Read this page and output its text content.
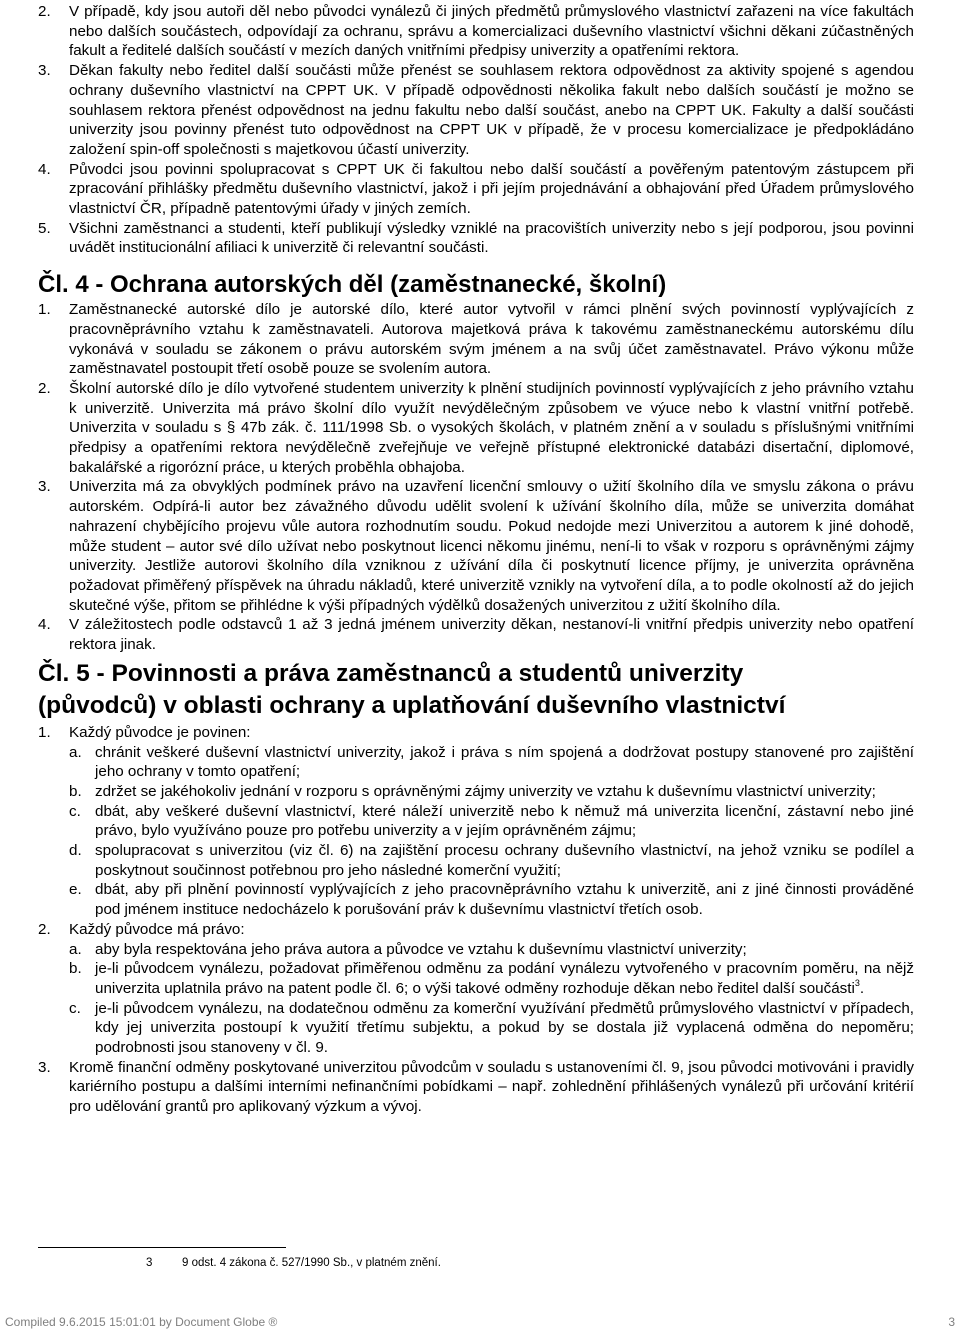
2.	V případě, kdy jsou autoři děl nebo původci vynálezů či jiných předmětů průmyslového vlastnictví zařazeni na více fakultách nebo dalších součástech, odpovídají za ochranu, správu a komercializaci duševního vlastnictví všichni děkani zúčastněných fakult a ředitelé dalších součástí v mezích daných vnitřními předpisy univerzity a opatřeními rektora.
3.	Děkan fakulty nebo ředitel další součásti může přenést se souhlasem rektora odpovědnost za aktivity spojené s agendou ochrany duševního vlastnictví na CPPT UK. V případě odpovědnosti několika fakult nebo dalších součástí je možno se souhlasem rektora přenést odpovědnost na jednu fakultu nebo další součást, anebo na CPPT UK. Fakulty a další součásti univerzity jsou povinny přenést tuto odpovědnost na CPPT UK v případě, že v procesu komercializace je předpokládáno založení spin-off společnosti s majetkovou účastí univerzity.
4.	Původci jsou povinni spolupracovat s CPPT UK či fakultou nebo další součástí a pověřeným patentovým zástupcem při zpracování přihlášky předmětu duševního vlastnictví, jakož i při jejím projednávání a obhajování před Úřadem průmyslového vlastnictví ČR, případně patentovými úřady v jiných zemích.
5.	Všichni zaměstnanci a studenti, kteří publikují výsledky vzniklé na pracovištích univerzity nebo s její podporou, jsou povinni uvádět institucionální afiliaci k univerzitě či relevantní součásti.
Čl. 4 - Ochrana autorských děl (zaměstnanecké, školní)
1.	Zaměstnanecké autorské dílo je autorské dílo, které autor vytvořil v rámci plnění svých povinností vyplývajících z pracovněprávního vztahu k zaměstnavateli. Autorova majetková práva k takovému zaměstnaneckému autorskému dílu vykonává v souladu se zákonem o právu autorském svým jménem a na svůj účet zaměstnavatel. Právo výkonu může zaměstnavatel postoupit třetí osobě pouze se svolením autora.
2.	Školní autorské dílo je dílo vytvořené studentem univerzity k plnění studijních povinností vyplývajících z jeho právního vztahu k univerzitě. Univerzita má právo školní dílo využít nevýdělečným způsobem ve výuce nebo k vlastní vnitřní potřebě. Univerzita v souladu s § 47b zák. č. 111/1998 Sb. o vysokých školách, v platném znění a v souladu s příslušnými vnitřními předpisy a opatřeními rektora nevýdělečně zveřejňuje ve veřejně přístupné elektronické databázi disertační, diplomové, bakalářské a rigorózní práce, u kterých proběhla obhajoba.
3.	Univerzita má za obvyklých podmínek právo na uzavření licenční smlouvy o užití školního díla ve smyslu zákona o právu autorském. Odpírá-li autor bez závažného důvodu udělit svolení k užívání školního díla, může se univerzita domáhat nahrazení chybějícího projevu vůle autora rozhodnutím soudu. Pokud nedojde mezi Univerzitou a autorem k jiné dohodě, může student – autor své dílo užívat nebo poskytnout licenci někomu jinému, není-li to však v rozporu s oprávněnými zájmy univerzity. Jestliže autorovi školního díla vzniknou z užívání díla či poskytnutí licence příjmy, je univerzita oprávněna požadovat přiměřený příspěvek na úhradu nákladů, které univerzitě vznikly na vytvoření díla, a to podle okolností až do jejich skutečné výše, přitom se přihlédne k výši případných výdělků dosažených univerzitou z užití školního díla.
4.	V záležitostech podle odstavců 1 až 3 jedná jménem univerzity děkan, nestanoví-li vnitřní předpis univerzity nebo opatření rektora jinak.
Čl. 5 - Povinnosti a práva zaměstnanců a studentů univerzity
(původců) v oblasti ochrany a uplatňování duševního vlastnictví
1.	Každý původce je povinen:
a. chránit veškeré duševní vlastnictví univerzity, jakož i práva s ním spojená a dodržovat postupy stanovené pro zajištění jeho ochrany v tomto opatření;
b. zdržet se jakéhokoliv jednání v rozporu s oprávněnými zájmy univerzity ve vztahu k duševnímu vlastnictví univerzity;
c. dbát, aby veškeré duševní vlastnictví, které náleží univerzitě nebo k němuž má univerzita licenční, zástavní nebo jiné právo, bylo využíváno pouze pro potřebu univerzity a v jejím oprávněném zájmu;
d. spolupracovat s univerzitou (viz čl. 6) na zajištění procesu ochrany duševního vlastnictví, na jehož vzniku se podílel a poskytnout součinnost potřebnou pro jeho následné komerční využití;
e. dbát, aby při plnění povinností vyplývajících z jeho pracovněprávního vztahu k univerzitě, ani z jiné činnosti prováděné pod jménem instituce nedocházelo k porušování práv k duševnímu vlastnictví třetích osob.
2.	Každý původce má právo:
a. aby byla respektována jeho práva autora a původce ve vztahu k duševnímu vlastnictví univerzity;
b. je-li původcem vynálezu, požadovat přiměřenou odměnu za podání vynálezu vytvořeného v pracovním poměru, na nějž univerzita uplatnila právo na patent podle čl. 6; o výši takové odměny rozhoduje děkan nebo ředitel další součásti$^3$.
c. je-li původcem vynálezu, na dodatečnou odměnu za komerční využívání předmětů průmyslového vlastnictví v případech, kdy jej univerzita postoupí k využití třetímu subjektu, a pokud by se dostala již vyplacená odměna do nepoměru; podrobnosti jsou stanoveny v čl. 9.
3.	Kromě finanční odměny poskytované univerzitou původcům v souladu s ustanoveními čl. 9, jsou původci motivováni i pravidly kariérního postupu a dalšími interními nefinančními pobídkami – např. zohlednění přihlášených vynálezů při určování kritérií pro udělování grantů pro aplikovaný výzkum a vývoj.
3	9 odst. 4 zákona č. 527/1990 Sb., v platném znění.
Compiled 9.6.2015 15:01:01 by Document Globe ®	3
